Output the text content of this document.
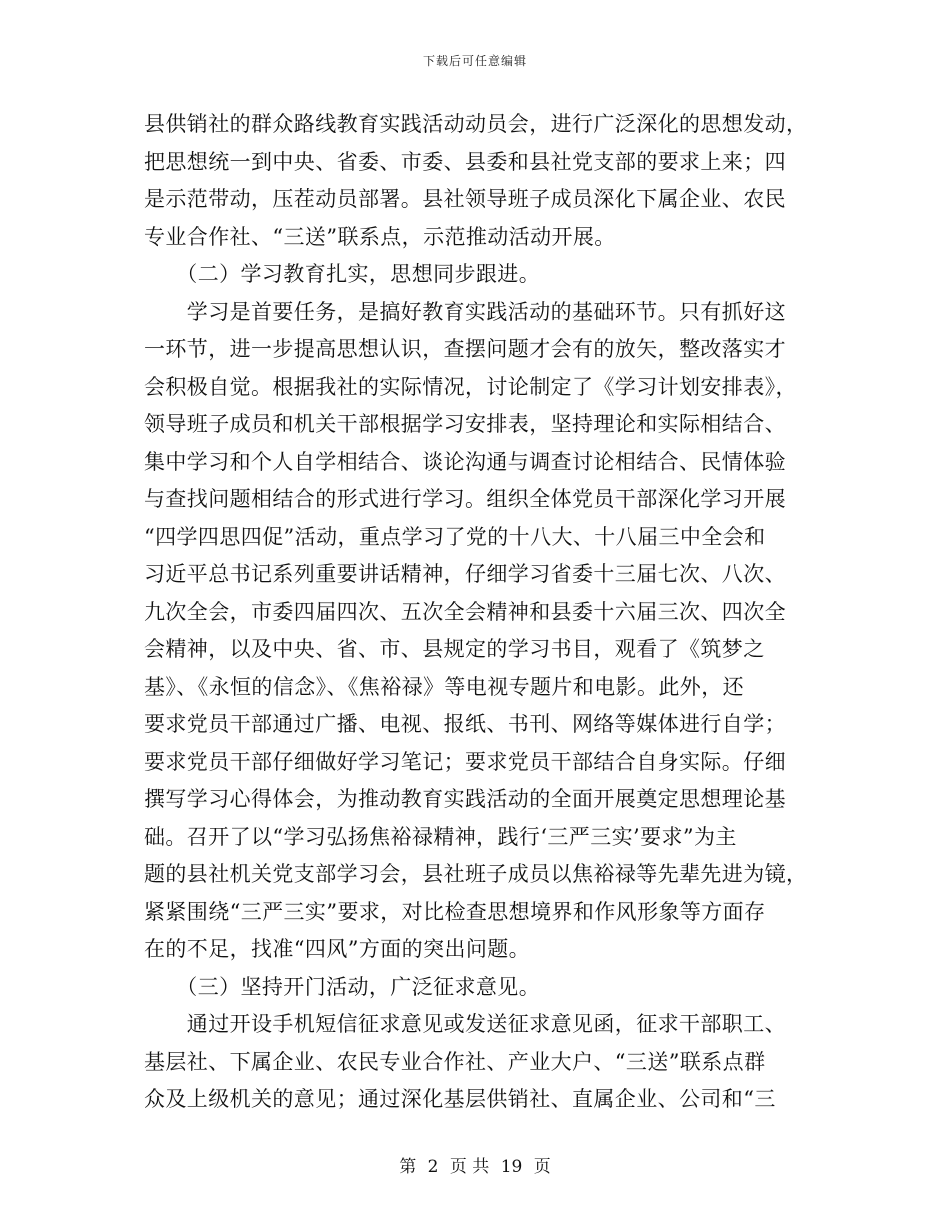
下载后可任意编辑
县供销社的群众路线教育实践活动动员会，进行广泛深化的思想发动，
把思想统一到中央、省委、市委、县委和县社党支部的要求上来；四
是示范带动，压茬动员部署。县社领导班子成员深化下属企业、农民
专业合作社、“三送”联系点，示范推动活动开展。
　　（二）学习教育扎实，思想同步跟进。
　　学习是首要任务，是搞好教育实践活动的基础环节。只有抓好这
一环节，进一步提高思想认识，查摆问题才会有的放矢，整改落实才
会积极自觉。根据我社的实际情况，讨论制定了《学习计划安排表》，
领导班子成员和机关干部根据学习安排表，坚持理论和实际相结合、
集中学习和个人自学相结合、谈论沟通与调查讨论相结合、民情体验
与查找问题相结合的形式进行学习。组织全体党员干部深化学习开展
“四学四思四促”活动，重点学习了党的十八大、十八届三中全会和
习近平总书记系列重要讲话精神，仔细学习省委十三届七次、八次、
九次全会，市委四届四次、五次全会精神和县委十六届三次、四次全
会精神，以及中央、省、市、县规定的学习书目，观看了《筑梦之
基》、《永恒的信念》、《焦裕禄》等电视专题片和电影。此外，还
要求党员干部通过广播、电视、报纸、书刊、网络等媒体进行自学；
要求党员干部仔细做好学习笔记；要求党员干部结合自身实际。仔细
撰写学习心得体会，为推动教育实践活动的全面开展奠定思想理论基
础。召开了以“学习弘扬焦裕禄精神，践行‘三严三实’要求”为主
题的县社机关党支部学习会，县社班子成员以焦裕禄等先辈先进为镜，
紧紧围绕“三严三实”要求，对比检查思想境界和作风形象等方面存
在的不足，找准“四风”方面的突出问题。
　　（三）坚持开门活动，广泛征求意见。
　　通过开设手机短信征求意见或发送征求意见函，征求干部职工、
基层社、下属企业、农民专业合作社、产业大户、“三送”联系点群
众及上级机关的意见；通过深化基层供销社、直属企业、公司和“三
第 2 页 共 19 页
